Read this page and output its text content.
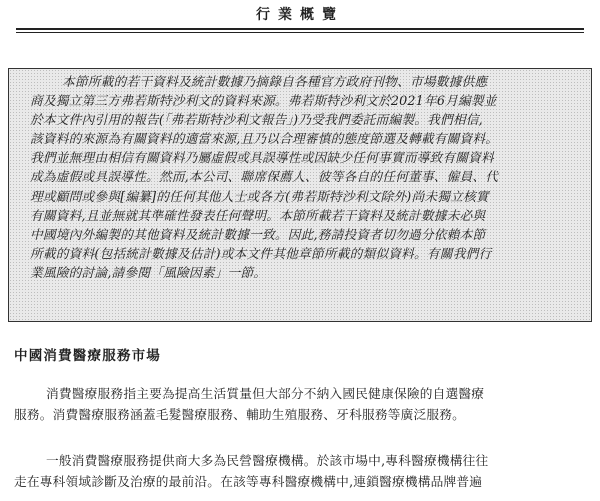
行業概覽
本節所載的若干資料及統計數據乃摘錄自各種官方政府刊物、市場數據供應
商及獨立第三方弗若斯特沙利文的資料來源。弗若斯特沙利文於2021年6月編製並
於本文件內引用的報告(「弗若斯特沙利文報告」)乃受我們委託而編製。我們相信,
該資料的來源為有關資料的適當來源,且乃以合理審慎的態度節選及轉載有關資料。
我們並無理由相信有關資料乃屬虛假或具誤導性或因缺少任何事實而導致有關資料
成為虛假或具誤導性。然而,本公司、聯席保薦人、彼等各自的任何董事、僱員、代
理或顧問或參與[編纂]的任何其他人士或各方(弗若斯特沙利文除外)尚未獨立核實
有關資料,且並無就其準確性發表任何聲明。本節所載若干資料及統計數據未必與
中國境內外編製的其他資料及統計數據一致。因此,務請投資者切勿過分依賴本節
所載的資料(包括統計數據及估計)或本文件其他章節所載的類似資料。有關我們行
業風險的討論,請參閱「風險因素」一節。
中國消費醫療服務市場
消費醫療服務指主要為提高生活質量但大部分不納入國民健康保險的自選醫療
服務。消費醫療服務涵蓋毛髮醫療服務、輔助生殖服務、牙科服務等廣泛服務。
一般消費醫療服務提供商大多為民營醫療機構。於該市場中,專科醫療機構往往
走在專科領域診斷及治療的最前沿。在該等專科醫療機構中,連鎖醫療機構品牌普遍
